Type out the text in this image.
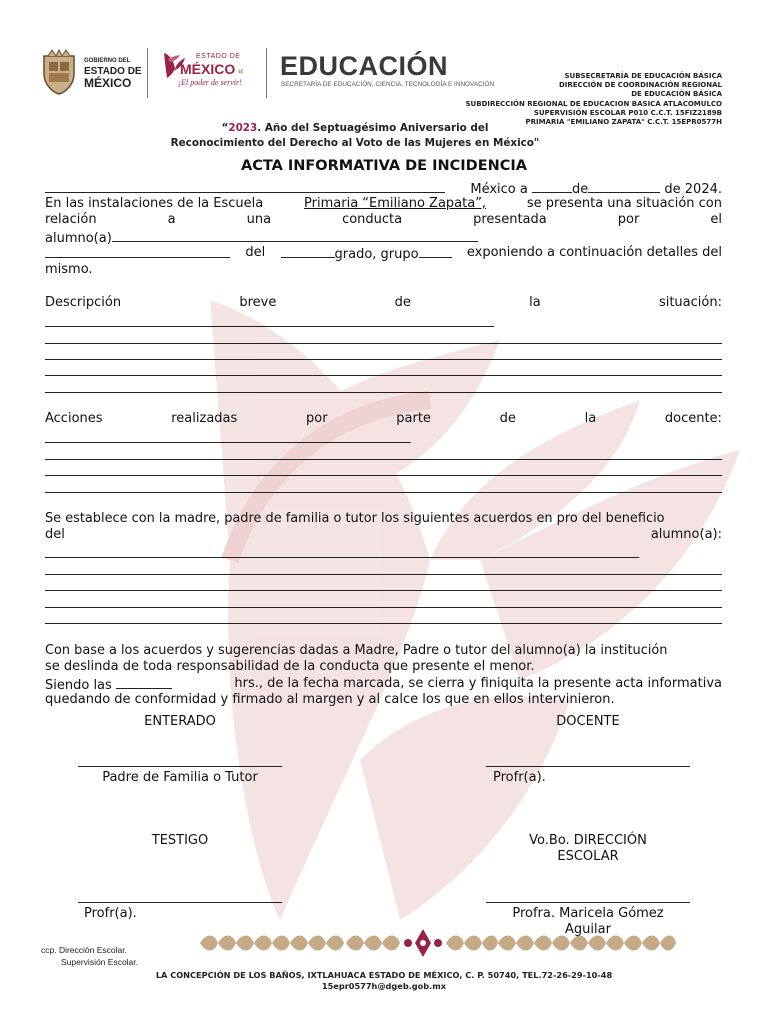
GOBIERNO DEL
ESTADO DE
MÉXICO
ESTADO DE
MÉXICO «
¡El poder de servir!
EDUCACIÓN
SECRETARÍA DE EDUCACIÓN, CIENCIA, TECNOLOGÍA E INNOVACIÓN
SUBSECRETARÍA DE EDUCACIÓN BÁSICA
DIRECCIÓN DE COORDINACIÓN REGIONAL
DE EDUCACIÓN BÁSICA
SUBDIRECCIÓN REGIONAL DE EDUCACION BASICA ATLACOMULCO
SUPERVISIÓN ESCOLAR P010 C.C.T. 15FIZ2189B
PRIMARIA "EMILIANO ZAPATA" C.C.T. 15EPR0577H
“2023. Año del Septuagésimo Aniversario del
Reconocimiento del Derecho al Voto de las Mujeres en México"
ACTA INFORMATIVA DE INCIDENCIA
México a	de	de 2024.
En las instalaciones de la Escuela	Primaria “Emiliano Zapata”,	se presenta una situación con
relación	a	una	conducta	presentada	por	el
alumno(a)
del	grado, grupo	exponiendo a continuación detalles del
mismo.
Descripción	breve	de	la	situación:
Acciones	realizadas	por	parte	de	la	docente:
Se establece con la madre, padre de familia o tutor los siguientes acuerdos en pro del beneficio
del	alumno(a):
Con base a los acuerdos y sugerencias dadas a Madre, Padre o tutor del alumno(a) la institución
se deslinda de toda responsabilidad de la conducta que presente el menor.
Siendo las	hrs., de la fecha marcada, se cierra y finiquita la presente acta informativa
quedando de conformidad y firmado al margen y al calce los que en ellos intervinieron.
ENTERADO	DOCENTE
Padre de Familia o Tutor	Profr(a).
TESTIGO	Vo.Bo. DIRECCIÓN
ESCOLAR
Profr(a).	Profra. Maricela Gómez
Aguilar
ccp. Dirección Escolar.
Supervisión Escolar.
LA CONCEPCIÓN DE LOS BAÑOS, IXTLAHUACA ESTADO DE MÉXICO, C. P. 50740, TEL.72-26-29-10-48
15epr0577h@dgeb.gob.mx
